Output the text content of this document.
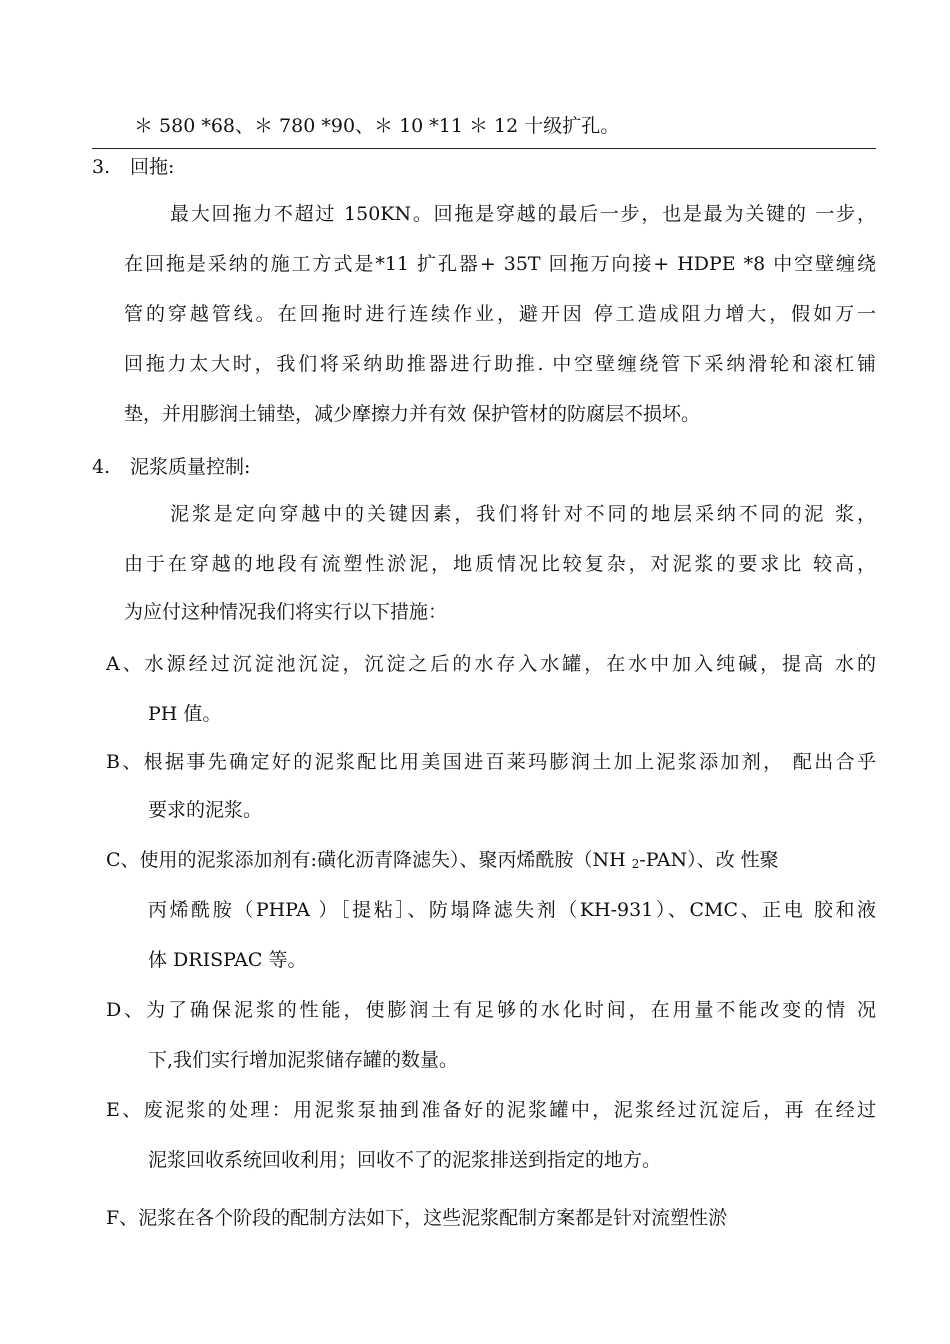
＊ 580 *68、＊ 780 *90、＊ 10 *11 ＊ 12 十级扩孔。
3. 回拖:
最大回拖力不超过 150KN。回拖是穿越的最后一步，也是最为关键的 一步，
在回拖是采纳的施工方式是*11 扩孔器+ 35T 回拖万向接+ HDPE *8 中空壁缠绕
管的穿越管线。在回拖时进行连续作业，避开因 停工造成阻力增大，假如万一
回拖力太大时，我们将采纳助推器进行助推. 中空壁缠绕管下采纳滑轮和滚杠铺
垫，并用膨润土铺垫，减少摩擦力并有效 保护管材的防腐层不损坏。
4. 泥浆质量控制:
泥浆是定向穿越中的关键因素，我们将针对不同的地层采纳不同的泥 浆，
由于在穿越的地段有流塑性淤泥，地质情况比较复杂，对泥浆的要求比 较高，
为应付这种情况我们将实行以下措施：
A、水源经过沉淀池沉淀，沉淀之后的水存入水罐，在水中加入纯碱，提高 水的
PH 值。
B、根据事先确定好的泥浆配比用美国进百莱玛膨润土加上泥浆添加剂， 配出合乎
要求的泥浆。
C、使用的泥浆添加剂有:磺化沥青降滤失）、聚丙烯酰胺（NH 2-PAN）、改 性聚
丙烯酰胺（PHPA ）［提粘］、防塌降滤失剂（KH-931）、CMC、正电 胶和液
体 DRISPAC 等。
D、为了确保泥浆的性能，使膨润土有足够的水化时间，在用量不能改变的情 况
下,我们实行增加泥浆储存罐的数量。
E、废泥浆的处理：用泥浆泵抽到准备好的泥浆罐中，泥浆经过沉淀后，再 在经过
泥浆回收系统回收利用；回收不了的泥浆排送到指定的地方。
F、泥浆在各个阶段的配制方法如下，这些泥浆配制方案都是针对流塑性淤
